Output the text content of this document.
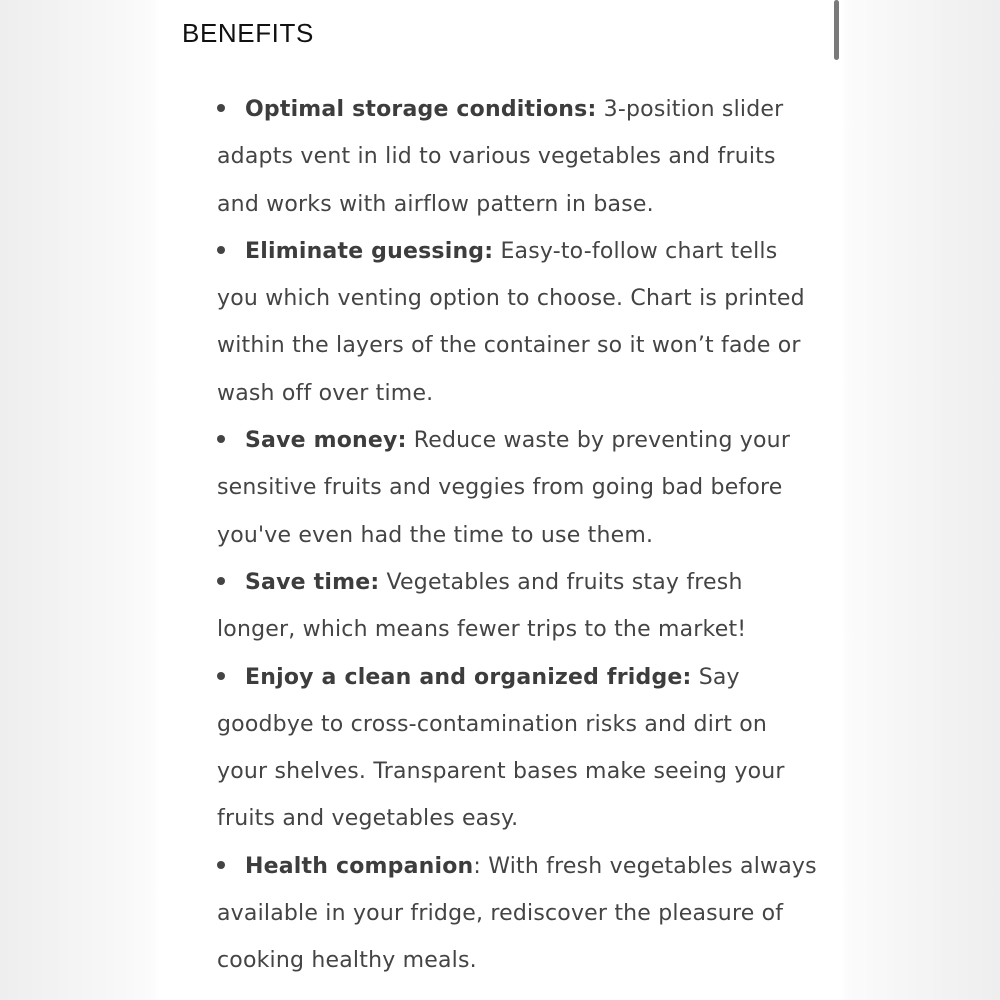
BENEFITS
Optimal storage conditions: 3-position slider adapts vent in lid to various vegetables and fruits and works with airflow pattern in base.
Eliminate guessing: Easy-to-follow chart tells you which venting option to choose. Chart is printed within the layers of the container so it won’t fade or wash off over time.
Save money: Reduce waste by preventing your sensitive fruits and veggies from going bad before you've even had the time to use them.
Save time: Vegetables and fruits stay fresh longer, which means fewer trips to the market!
Enjoy a clean and organized fridge: Say goodbye to cross-contamination risks and dirt on your shelves. Transparent bases make seeing your fruits and vegetables easy.
Health companion: With fresh vegetables always available in your fridge, rediscover the pleasure of cooking healthy meals.
